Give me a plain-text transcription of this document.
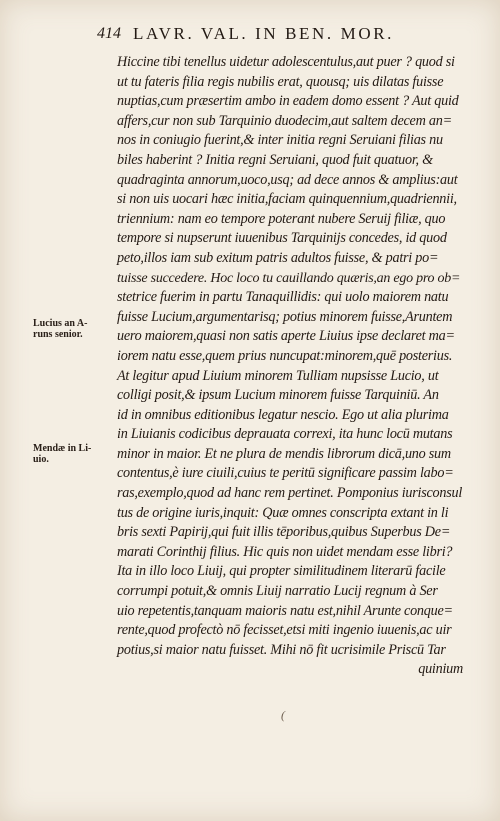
414 LAVR. VAL. IN BEN. MOR.
Hiccine tibi tenellus uidetur adolescentulus,aut puer ? quod si
ut tu fateris filia regis nubilis erat, quousq; uis dilatas fuisse
nuptias,cum præsertim ambo in eadem domo essent ? Aut quid
affers,cur non sub Tarquinio duodecim,aut saltem decem an=
nos in coniugio fuerint,& inter initia regni Seruiani filias nu
biles haberint ? Initia regni Seruiani, quod fuit quatuor, &
quadraginta annorum,uoco,usq; ad dece annos & amplius:aut
si non uis uocari hæc initia,faciam quinquennium,quadriennii,
triennium: nam eo tempore poterant nubere Seruij filiæ, quo
tempore si nupserunt iuuenibus Tarquinijs concedes, id quod
peto,illos iam sub exitum patris adultos fuisse, & patri po=
tuisse succedere. Hoc loco tu cauillando quæris,an ego pro ob=
stetrice fuerim in partu Tanaquillidis: qui uolo maiorem natu
fuisse Lucium,argumentarisq; potius minorem fuisse,Aruntem
uero maiorem,quasi non satis aperte Liuius ipse declaret ma=
iorem natu esse,quem prius nuncupat:minorem,quē posterius.
At legitur apud Liuium minorem Tulliam nupsisse Lucio, ut
colligi posit,& ipsum Lucium minorem fuisse Tarquiniū. An
id in omnibus editionibus legatur nescio. Ego ut alia plurima
in Liuianis codicibus deprauata correxi, ita hunc locū mutans
minor in maior. Et ne plura de mendis librorum dicā,uno sum
contentus,è iure ciuili,cuius te peritū significare passim labo=
ras,exemplo,quod ad hanc rem pertinet. Pomponius iurisconsul
tus de origine iuris,inquit: Quæ omnes conscripta extant in li
bris sexti Papirij,qui fuit illis tēporibus,quibus Superbus De=
marati Corinthij filius. Hic quis non uidet mendam esse libri?
Ita in illo loco Liuij, qui propter similitudinem literarū facile
corrumpi potuit,& omnis Liuij narratio Lucij regnum à Ser
uio repetentis,tanquam maioris natu est,nihil Arunte conque=
rente,quod profectò nō fecisset,etsi miti ingenio iuuenis,ac uir
potius,si maior natu fuisset. Mihi nō fit ucrisimile Priscū Tar
quinium
Lucius an A-
runs senior.
Mendæ in Li-
uio.
(
